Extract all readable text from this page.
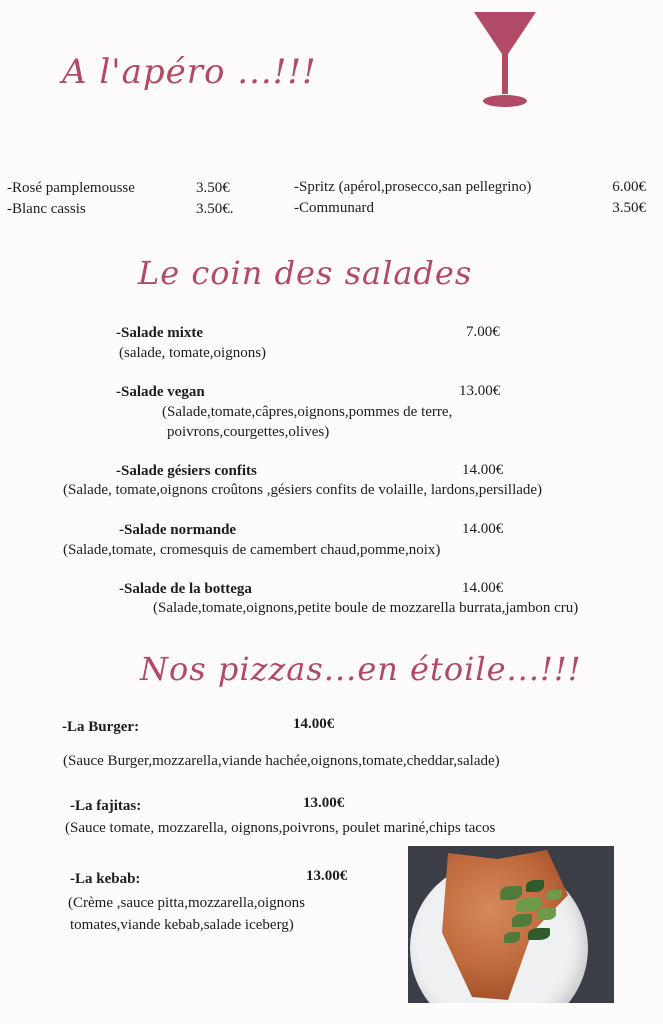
A l'apéro ...!!!
-Rosé pamplemousse	3.50€
-Blanc cassis	3.50€.
-Spritz (apérol,prosecco,san pellegrino)	6.00€
-Communard	3.50€
Le coin des salades
-Salade mixte	7.00€
(salade, tomate,oignons)
-Salade vegan	13.00€
(Salade,tomate,câpres,oignons,pommes de terre,
poivrons,courgettes,olives)
-Salade gésiers confits	14.00€
(Salade, tomate,oignons croûtons ,gésiers confits de volaille, lardons,persillade)
-Salade normande	14.00€
(Salade,tomate, cromesquis de camembert chaud,pomme,noix)
-Salade de la bottega	14.00€
(Salade,tomate,oignons,petite boule de mozzarella burrata,jambon cru)
Nos pizzas...en étoile...!!!
-La Burger:	14.00€
(Sauce Burger,mozzarella,viande hachée,oignons,tomate,cheddar,salade)
-La fajitas:	13.00€
(Sauce tomate, mozzarella, oignons,poivrons, poulet mariné,chips tacos
-La kebab:	13.00€
(Crème ,sauce pitta,mozzarella,oignons
tomates,viande kebab,salade iceberg)
